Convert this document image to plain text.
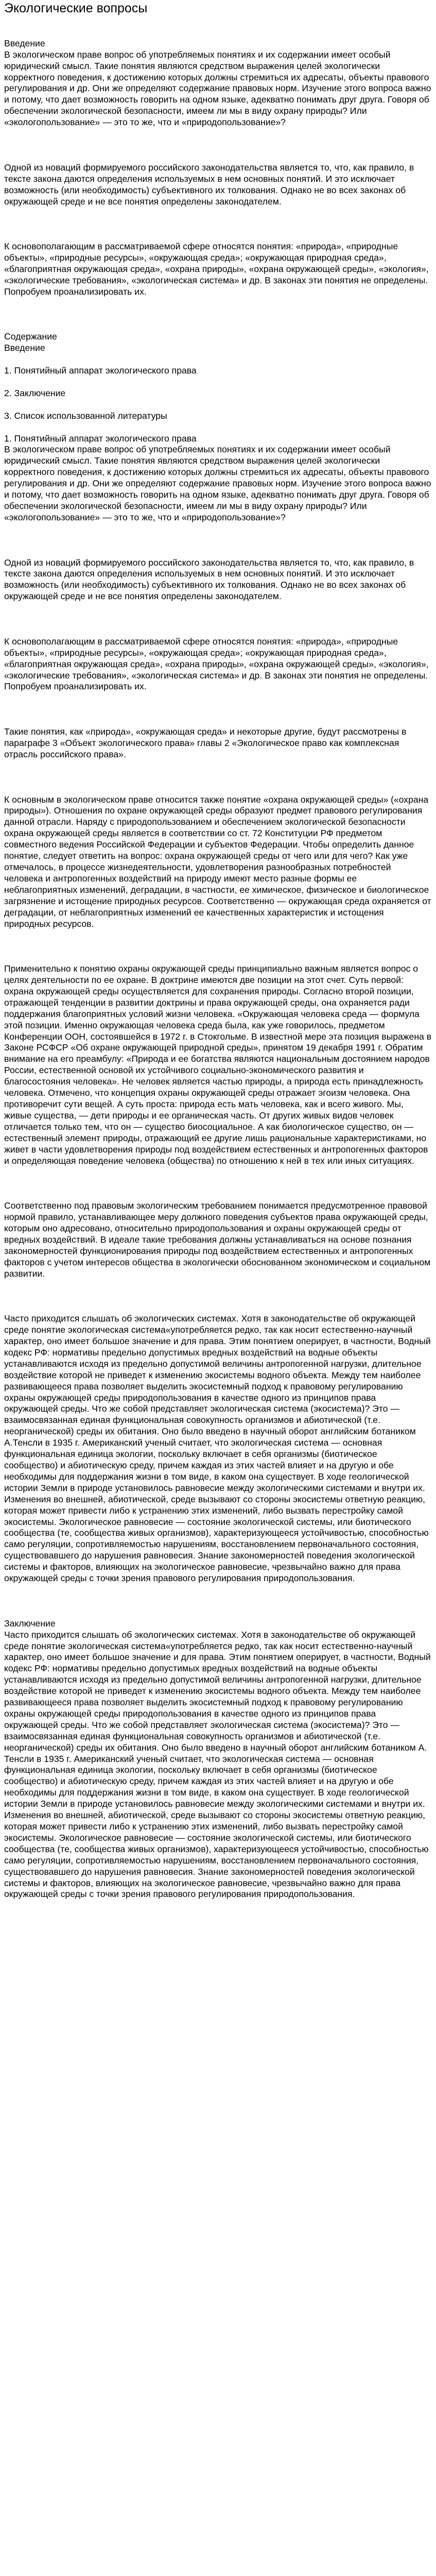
Экологические вопросы

Введение
В экологическом праве вопрос об употребляемых понятиях и их содержании имеет особый юридический смысл. Такие понятия являются средством выражения целей экологически корректного поведения, к достижению которых должны стремиться их адресаты, объекты правового регулирования и др. Они же определяют содержание правовых норм. Изучение этого вопроса важно и потому, что дает возможность говорить на одном языке, адекватно понимать друг друга. Говоря об обеспечении экологической безопасности, имеем ли мы в виду охрану природы? Или «экологопользование» — это то же, что и «природопользование»?

Одной из новаций формируемого российского законодательства является то, что, как правило, в тексте закона даются определения используемых в нем основных понятий. И это исключает возможность (или необходимость) субъективного их толкования. Однако не во всех законах об окружающей среде и не все понятия определены законодателем.

К основополагающим в рассматриваемой сфере относятся понятия: «природа», «природные объекты», «природные ресурсы», «окружающая среда»; «окружающая природная среда», «благоприятная окружающая среда», «охрана природы», «охрана окружающей среды», «экология», «экологические требования», «экологическая система» и др. В законах эти понятия не определены. Попробуем проанализировать их.

Содержание
Введение

1. Понятийный аппарат экологического права

2. Заключение

3. Список использованной литературы

1. Понятийный аппарат экологического права
В экологическом праве вопрос об употребляемых понятиях и их содержании имеет особый юридический смысл. Такие понятия являются средством выражения целей экологически корректного поведения, к достижению которых должны стремиться их адресаты, объекты правового регулирования и др. Они же определяют содержание правовых норм. Изучение этого вопроса важно и потому, что дает возможность говорить на одном языке, адекватно понимать друг друга. Говоря об обеспечении экологической безопасности, имеем ли мы в виду охрану природы? Или «экологопользование» — это то же, что и «природопользование»?

Одной из новаций формируемого российского законодательства является то, что, как правило, в тексте закона даются определения используемых в нем основных понятий. И это исключает возможность (или необходимость) субъективного их толкования. Однако не во всех законах об окружающей среде и не все понятия определены законодателем.

К основополагающим в рассматриваемой сфере относятся понятия: «природа», «природные объекты», «природные ресурсы», «окружающая среда»; «окружающая природная среда», «благоприятная окружающая среда», «охрана природы», «охрана окружающей среды», «экология», «экологические требования», «экологическая система» и др. В законах эти понятия не определены. Попробуем проанализировать их.

Такие понятия, как «природа», «окружающая среда» и некоторые другие, будут рассмотрены в параграфе 3 «Объект экологического права» главы 2 «Экологическое право как комплексная отрасль российского права».

К основным в экологическом праве относится также понятие «охрана окружающей среды» («охрана природы»). Отношения по охране окружающей среды образуют предмет правового регулирования данной отрасли. Наряду с природопользованием и обеспечением экологической безопасности охрана окружающей среды является в соответствии со ст. 72 Конституции РФ предметом совместного ведения Российской Федерации и субъектов Федерации. Чтобы определить данное понятие, следует ответить на вопрос: охрана окружающей среды от чего или для чего? Как уже отмечалось, в процессе жизнедеятельности, удовлетворения разнообразных потребностей человека и антропогенных воздействий на природу имеют место разные формы ее неблагоприятных изменений, деградации, в частности, ее химическое, физическое и биологическое загрязнение и истощение природных ресурсов. Соответственно — окружающая среда охраняется от деградации, от неблагоприятных изменений ее качественных характеристик и истощения природных ресурсов.

Применительно к понятию охраны окружающей среды принципиально важным является вопрос о целях деятельности по ее охране. В доктрине имеются две позиции на этот счет. Суть первой: охрана окружающей среды осуществляется для сохранения природы. Согласно второй позиции, отражающей тенденции в развитии доктрины и права окружающей среды, она охраняется ради поддержания благоприятных условий жизни человека. «Окружающая человека среда — формула этой позиции. Именно окружающая человека среда была, как уже говорилось, предметом Конференции ООН, состоявшейся в 1972 г. в Стокгольме. В известной мере эта позиция выражена в Законе РСФСР «Об охране окружающей природной среды», принятом 19 декабря 1991 г. Обратим внимание на его преамбулу: «Природа и ее богатства являются национальным достоянием народов России, естественной основой их устойчивого социально-экономического развития и благосостояния человека». Не человек является частью природы, а природа есть принадлежность человека. Отмечено, что концепция охраны окружающей среды отражает эгоизм человека. Она противоречит сути вещей. А суть проста: природа есть мать человека, как и всего живого. Мы, живые существа, — дети природы и ее органическая часть. От других живых видов человек отличается только тем, что он — существо биосоциальное. А как биологическое существо, он — естественный элемент природы, отражающий ее другие лишь рациональные характеристиками, но живет в части удовлетворения природы под воздействием естественных и антропогенных факторов и определяющая поведение человека (общества) по отношению к ней в тех или иных ситуациях.

Соответственно под правовым экологическим требованием понимается предусмотренное правовой нормой правило, устанавливающее меру должного поведения субъектов права окружающей среды, которым оно адресовано, относительно природопользования и охраны окружающей среды от вредных воздействий. В идеале такие требования должны устанавливаться на основе познания закономерностей функционирования природы под воздействием естественных и антропогенных факторов с учетом интересов общества в экологически обоснованном экономическом и социальном развитии.

Часто приходится слышать об экологических системах. Хотя в законодательстве об окружающей среде понятие экологическая система«употребляется редко, так как носит естественно-научный характер, оно имеет большое значение и для права. Этим понятием оперирует, в частности, Водный кодекс РФ: нормативы предельно допустимых вредных воздействий на водные объекты устанавливаются исходя из предельно допустимой величины антропогенной нагрузки, длительное воздействие которой не приведет к изменению экосистемы водного объекта. Между тем наиболее развивающееся права позволяет выделить экосистемный подход к правовому регулированию охраны окружающей среды природопользования в качестве одного из принципов права окружающей среды. Что же собой представляет экологическая система (экосистема)? Это — взаимосвязанная единая функциональная совокупность организмов и абиотической (т.е. неорганической) среды их обитания. Оно было введено в научный оборот английским ботаником А.Тенсли в 1935 г. Американский ученый считает, что экологическая система — основная функциональная единица экологии, поскольку включает в себя организмы (биотическое сообщество) и абиотическую среду, причем каждая из этих частей влияет и на другую и обе необходимы для поддержания жизни в том виде, в каком она существует. В ходе геологической истории Земли в природе установилось равновесие между экологическими системами и внутри их. Изменения во внешней, абиотической, среде вызывают со стороны экосистемы ответную реакцию, которая может привести либо к устранению этих изменений, либо вызвать перестройку самой экосистемы. Экологическое равновесие — состояние экологической системы, или биотического сообщества (те, сообщества живых организмов), характеризующееся устойчивостью, способностью само регуляции, сопротивляемостью нарушениям, восстановлением первоначального состояния, существовавшего до нарушения равновесия. Знание закономерностей поведения экологической системы и факторов, влияющих на экологическое равновесие, чрезвычайно важно для права окружающей среды с точки зрения правового регулирования природопользования.

Заключение
Часто приходится слышать об экологических системах. Хотя в законодательстве об окружающей среде понятие экологическая система«употребляется редко, так как носит естественно-научный характер, оно имеет большое значение и для права. Этим понятием оперирует, в частности, Водный кодекс РФ: нормативы предельно допустимых вредных воздействий на водные объекты устанавливаются исходя из предельно допустимой величины антропогенной нагрузки, длительное воздействие которой не приведет к изменению экосистемы водного объекта. Между тем наиболее развивающееся права позволяет выделить экосистемный подход к правовому регулированию охраны окружающей среды природопользования в качестве одного из принципов права окружающей среды. Что же собой представляет экологическая система (экосистема)? Это — взаимосвязанная единая функциональная совокупность организмов и абиотической (т.е. неорганической) среды их обитания. Оно было введено в научный оборот английским ботаником А. Тенсли в 1935 г. Американский ученый считает, что экологическая система — основная функциональная единица экологии, поскольку включает в себя организмы (биотическое сообщество) и абиотическую среду, причем каждая из этих частей влияет и на другую и обе необходимы для поддержания жизни в том виде, в каком она существует. В ходе геологической истории Земли в природе установилось равновесие между экологическими системами и внутри их. Изменения во внешней, абиотической, среде вызывают со стороны экосистемы ответную реакцию, которая может привести либо к устранению этих изменений, либо вызвать перестройку самой экосистемы. Экологическое равновесие — состояние экологической системы, или биотического сообщества (те, сообщества живых организмов), характеризующееся устойчивостью, способностью само регуляции, сопротивляемостью нарушениям, восстановлением первоначального состояния, существовавшего до нарушения равновесия. Знание закономерностей поведения экологической системы и факторов, влияющих на экологическое равновесие, чрезвычайно важно для права окружающей среды с точки зрения правового регулирования природопользования.
